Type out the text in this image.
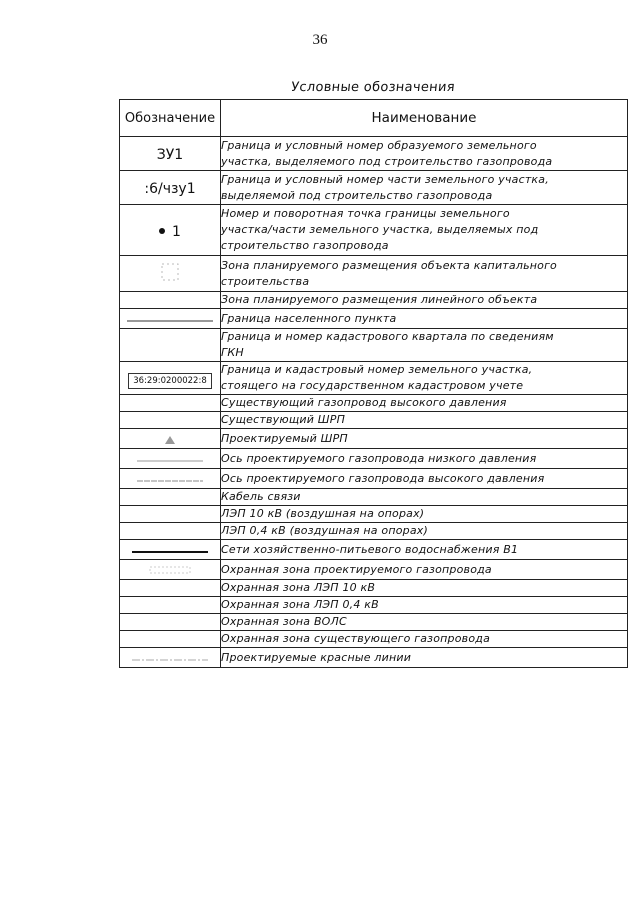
36
Условные обозначения
Обозначение	Наименование
ЗУ1	Граница и условный номер образуемого земельного
участка, выделяемого под строительство газопровода

:6/чзу1	Граница и условный номер части земельного участка,
выделяемой под строительство газопровода

1	Номер и поворотная точка границы земельного
участка/части земельного участка, выделяемых под
строительство газопровода

Зона планируемого размещения объекта капитального
строительства

	Зона планируемого размещения линейного объекта

Граница населенного пункта

	Граница и номер кадастрового квартала по сведениям
ГКН

36:29:0200022:8	Граница и кадастровый номер земельного участка,
стоящего на государственном кадастровом учете

	Существующий газопровод высокого давления

	Существующий ШРП

	Проектируемый ШРП

Ось проектируемого газопровода низкого давления

Ось проектируемого газопровода высокого давления

	Кабель связи

	ЛЭП 10 кВ (воздушная на опорах)

	ЛЭП 0,4 кВ (воздушная на опорах)

Сети хозяйственно-питьевого водоснабжения В1

Охранная зона проектируемого газопровода

	Охранная зона ЛЭП 10 кВ

	Охранная зона ЛЭП 0,4 кВ

	Охранная зона ВОЛС

	Охранная зона существующего газопровода

Проектируемые красные линии
